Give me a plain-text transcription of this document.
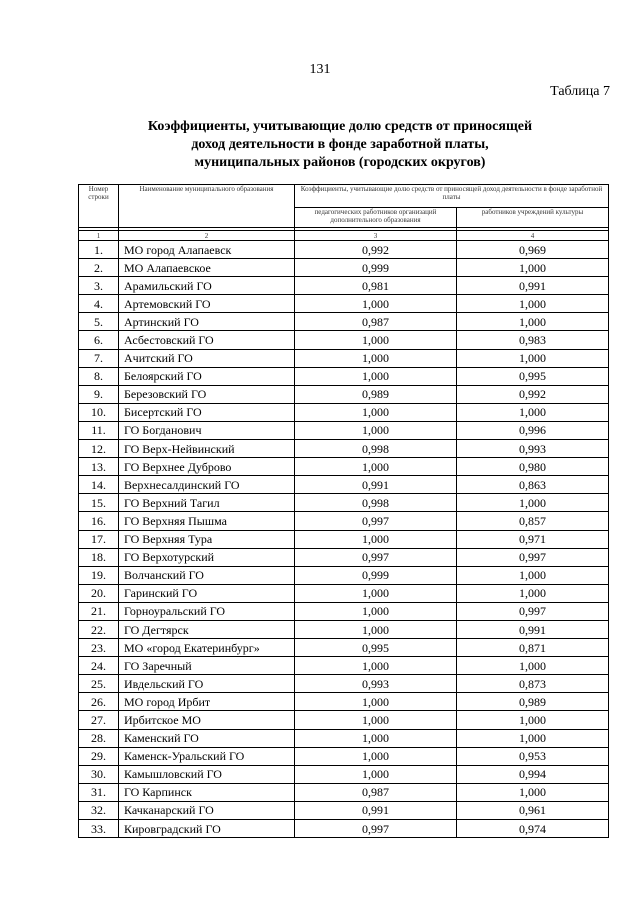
131
Таблица 7
Коэффициенты, учитывающие долю средств от приносящей
доход деятельности в фонде заработной платы,
муниципальных районов (городских округов)
Номер строки	Наименование муниципального образования	Коэффициенты, учитывающие долю средств от приносящей доход деятельности в фонде заработной платы	
		педагогических работников организаций дополнительного образования	работников учреждений культуры

1	2	3	4
1.	МО город Алапаевск	0,992	0,969
2.	МО Алапаевское	0,999	1,000
3.	Арамильский ГО	0,981	0,991
4.	Артемовский ГО	1,000	1,000
5.	Артинский ГО	0,987	1,000
6.	Асбестовский ГО	1,000	0,983
7.	Ачитский ГО	1,000	1,000
8.	Белоярский ГО	1,000	0,995
9.	Березовский ГО	0,989	0,992
10.	Бисертский ГО	1,000	1,000
11.	ГО Богданович	1,000	0,996
12.	ГО Верх-Нейвинский	0,998	0,993
13.	ГО Верхнее Дуброво	1,000	0,980
14.	Верхнесалдинский ГО	0,991	0,863
15.	ГО Верхний Тагил	0,998	1,000
16.	ГО Верхняя Пышма	0,997	0,857
17.	ГО Верхняя Тура	1,000	0,971
18.	ГО Верхотурский	0,997	0,997
19.	Волчанский ГО	0,999	1,000
20.	Гаринский ГО	1,000	1,000
21.	Горноуральский ГО	1,000	0,997
22.	ГО Дегтярск	1,000	0,991
23.	МО «город Екатеринбург»	0,995	0,871
24.	ГО Заречный	1,000	1,000
25.	Ивдельский ГО	0,993	0,873
26.	МО город Ирбит	1,000	0,989
27.	Ирбитское МО	1,000	1,000
28.	Каменский ГО	1,000	1,000
29.	Каменск-Уральский ГО	1,000	0,953
30.	Камышловский ГО	1,000	0,994
31.	ГО Карпинск	0,987	1,000
32.	Качканарский ГО	0,991	0,961
33.	Кировградский ГО	0,997	0,974
